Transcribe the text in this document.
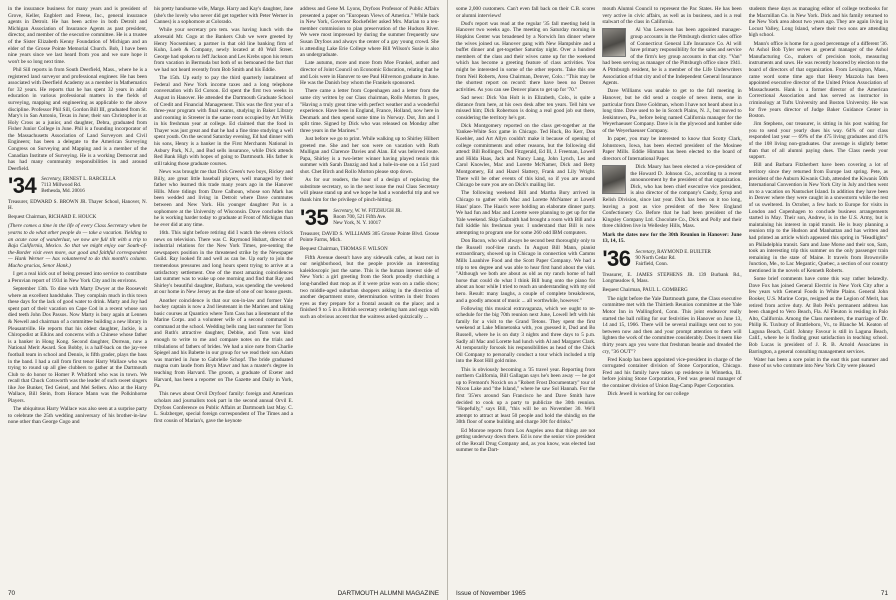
in the insurance business for many years and is president of Grove, Keller, Engblert and Freese, Inc., general insurance agents in Detroit. He has been active in both Detroit and Michigan Association of Insurance Agents as past president, director, and member of the executive committee. He is a trustee of the Sister Elizabeth Kenny Foundation of Michigan and an elder of the Grosse Pointe Memorial Church. Bob, I have been nine years since we last heard from you and we sure hope it won't be so long next time.

Phil Sill reports in from South Deerfield, Mass., where he is a registered land surveyor and professional engineer. He has been associated with Deerfield Academy as a member in Mathematics for 32 years. He reports that he has spent 32 years in adult education in various professional matters in the fields of surveying, mapping and engineering as applicable to the above discipline. Professor Phil Sill, Gordon Bill III, graduated from St. Mary's in San Antonio, Texas in June; their son Christopher is at Holy Cross as a junior, and daughter, Debra, graduated from Fisher Junior College in June. Phil is a founding incorporator of the Massachusetts Association of Land Surveyors and Civil Engineers; has been a delegate to the American Surveying Congress on Surveying and Mapping and is a member of the Canadian Institute of Surveying. He is a working Democrat and has had many community responsibilities in and around Deerfield.

'34 Secretary, ERNEST L. BARCELLA
7113 Millwood Rd.
Bethesda, Md. 20016
Treasurer, EDWARD S. BROWN JR. Thayer School, Hanover, N. H.
Bequest Chairman, RICHARD E. HOUCK

(There comes a time in the life of every Class Secretary when he yearns to do what other people do — take a vacation. Yielding to an acute case of wanderlust, we now are full tilt with a trip to Baja California, Mexico. So that we might enjoy our South-of-the-Border visit even more, our good and faithful correspondent — Hank Werner — has volunteered to do this month's column. Mucho gracias, Senor Hank.)

I get a real kick out of being pressed into service to contribute a Peruvian report of 1934 in New York City and its environs.

September 13th. To dine with Marty Dwyer at the Roosevelt where an excellent handshake. They complain much in this town these days for the lack of good water to drink. Marty and Joy had spent part of their vacation on Cape Cod in a recent whose son died teeth John Dos Passos. Now Marty is busy again at Lennen & Newell and chairman of a committee building a new library in Pleasantville. He reports that his oldest daughter, Jackie, is a Chiropodist at Elkins and concerns with a Chinese whose father is a banker in Hong Kong. Second daughter, Dorrean, now a National Merit Award. Son Bobby, is a half-back on the jay-vee football team in school and Dennis, is fifth grader, plays the bass in the band. I had a call from first tenor Harry Wallace who was trying to round up all glee clubbers to gather at the Dartmouth Club to do honor to Homer P. Whitford who was in town. We recall that Chuck Cotsworth was the leader of such sweet singers like Joe Bunker, Ted Geisel, and Mel Sellers. Also at the Harry Wallace, Bill Stein, from Horace Mann was the Polkinhorne Players.

The ubiquitous Harry Wallace was also seen at a surprise party to celebrate the 25th wedding anniversary of his brother-in-law none other than George Cogo and

his pretty handsome wife, Marge. Harry and Kay's daughter, Jane (she's the lovely who never did get together with Peter Werner in Cannes) is a sophomore at Colorado.

While your secretary pro tem. was having lunch with the aforesaid Mr. Cogo at the Bankers Club we were greeted by Henry Nocseminer, a partner in that old line banking firm of Kuhn, Loeb & Company, newly located at 40 Wall Street. George had spoken to Jeff Jackson and Les Krebs upon his return from vacation in Bermuda but both of us bemoaned the fact that we had not heard recently from Bob Smith and his Eddie.

The 15th. Up early to pay the third quarterly instalment of Federal and New York income taxes and a long telephone conversation with Ed Corson. Ed spent the first two weeks in August in Hanover. He attended the Dartmouth Graduate School of Credit and Financial Management. This was the first year of a three-year program with final exams, studying in Baker Library and rooming in Streeter in the same room occupied by Art Willis in his freshman year at college. Ed claimed that the food in Thayer was just great and that he had a fine time studying a well spent youth. On the second Saturday evening, Ed had dinner with his sons, Henry is a banker in the First Merchants National in Asbury Park, N.J., and Bud sells insurance, while Dick attends Red Bank High with hopes of going to Dartmouth. His father is still taking those graduate courses.

News was brought me that Dick Green's two boys, Rickey and Billy, are great little baseball players, well managed by their father who learned this trade many years ago in the Hanover Hills. More tidings from Dave Calhoun, whose son Mark has been wedded and living in Detroit where Dave commutes between and New York. His younger daughter Pat is a sophomore at the University of Wisconsin. Dave concludes that he is working harder today to graduate at Front of Michigan than he ever did at any time.

16th. This night before retiring did I watch the eleven o'clock news on television. There was C. Raymond Hubart, director of industrial relations for the New York Times, pre-senting the newspapers position in the threatened strike by the Newspaper Guild. Ray looked fit and well as can be. Up early to join the tremendous pressures and long hours spent trying to arrive at a satisfactory settlement. One of the most amazing coincidences last summer was to wake up one morning and find that Ray and Shirley's beautiful daughter, Barbara, was spending the weekend at our home in New Jersey as the date of one of our house guests.

Another coincidence is that our son-in-law and former Yale hockey captain is now a 2nd lieutenant in the Marines and taking basic courses at Quantico where Tom Cass has a lieutenant of the Marine Corps. and a volunteer wife of a second command in command at the school. Wedding bells rang last summer for Tom and Ruth's attractive daughter, Debbie, and Tom was kind enough to write to me and compare notes on the trials and tribulations of fathers of brides. We had a nice note from Charlie Spiegel and his Babette in our group for we read their son Adam was married in June to Gabrielle Schopf. The bride graduated magna cum laude from Bryn Mawr and has a master's degree in teaching from Harvard. The groom, a graduate of Exeter and Harvard, has been a reporter on The Gazette and Daily in York, Pa.

This news about Orvil Dryfoos' family: foreign and American scholars and journalists took part in the second annual Orvil E. Dryfoos Conference on Public Affairs at Dartmouth last May. C. L. Sulzberger, special foreign correspondent of The Times and a first cousin of Marian's, gave the keynote

address and Gene M. Lyons, Dryfoos Professor of Public Affairs presented a paper on "European Views of America." While back in New York, Governor Rockefeller asked Mrs. Marian to a ten-member commission to plan preservation of the Hudson River. We were most impressed by during the summer frequently saw Susan Dryfoos and always the center of a gay young crowd. She is attending Lake Erie College where Bill Wilson's Susie is also an undergraduate.

Late autumn, more and more from Moe Frankel, author and director of Joint Council on Economic Education, relating that he and Lois were in Hanover to see Paul Hilverson graduate in June. He was the Danish boy whom the Frankels sponsored.

There came a letter from Copenhagen and a letter from the same city written by our Class chairman, Rollo Morton. It goes, "Having a truly great time with perfect weather and a wonderful experience. Have been in England, France, Holland, now here in Denmark and then spend some time in Norway. Dot, Jim and I split time. Signed by Dick who was released on Monday after three years in the Marines."

Just before we go to print. While walking up to Shirley Hilbert greeted me. She and her son were on vacation with Ruth Mulligan and Clarence Davies and Alan. Ed was beloved route. Papa, Shirley is a two-letter winner having played tennis this summer with Sarah Danzig and had a hole-in-one on a 154 yard shot. Chet Birch and Rollo Morton please stop down.

As for our readers, the hour of a design of replacing the substitute secretary, so in the next issue the real Class Secretary will please stand up and we hope he had a wonderful trip and we thank him for the privilege of pinch-hitting.

'35 Secretary, W. W. FITZHUGH JR.
Room 700, 521 Fifth Ave.
New York, N. Y. 10017
Treasurer, DAVID S. WILLIAMS 305 Grosse Pointe Blvd. Grosse Pointe Farms, Mich.
Bequest Chairman, THOMAS F. WILSON

Fifth Avenue doesn't have any sidewalk cafes, at least not in our neighborhood, but the people provide an interesting kaleidoscopic just the same. This is the human interest side of New York: a girl greeting from the Stork proudly clutching a long-handled dust mop as if it were prize won on a radio show; two middle-aged suburban shoppers asking in the direction of another department store, determination written in their frozen eyes as they prepare for a frontal assault on the place; and a finished 9 to 5 in a British secretary ordering ham and eggs with such an obvious accent that the waitress asked quizzically ...

70	DARTMOUTH ALUMNI MAGAZINE

some 2,000 customers. Can't even fall back on their C.B. scores or alumni interviews!

Dud's report was read at the regular '35 fall meeting held in Hanover two weeks ago. The meeting on Saturday morning in Hopkins Center was broadened by a Norwich Inn dinner where the wives joined us. Hanover gang with New Hampshire and a buffet dinner and get-together Saturday night. Over a hundred members of the class and their wives came up for the weekend which has become a greeting feature of class activities. You might be interested in some of the other reports. Take this one from Neil Roberts, Area Chairman, Denver, Colo.: "This may be the shortest report on record: there have been no Denver activities. As you can see Denver plans to get up for '70."

Sad news: Dick Van Holt is in Elizabeth, Colo., is quite a distance from here, at his own desk after ten years. Tell him we missed him; Dick Robertson is doing a real good job out there, considering the territory he's got.

Dick Montgomery reported on the class get-together at the Yankee-White Sox game in Chicago. Ted Huck, Bo Kerr, Don Koehler, and Art Allyn couldn't make it because of opening of college commitments and other reasons, but the following did attend: Bill Bollinger, Dud Fitzgerald, Ed Ill, J. Freeman, Lowell and Hilda Haas, Jack and Nancy Lang, John Lynch, Les and Carol Knowles, Mac and Lorette McNamer, Dick and Betty Montgomery, Ed and Hazel Slattery, Frank and Lily Wright. There will be other events of this kind, so if you are around Chicago be sure you are on Dick's mailing list.

The following weekend Bill and Martha Bury arrived in Chicago to gather with Mac and Lorette McNamer at Lowell Haas' place. The Haas's were holding an elaborate dinner party. We had fun and Mac and Lorette were planning to get up for the Yale weekend. Skip Galbraith had brought a room with Bill and a full kiddie his freshman year. I understand that Bill is now attempting to program one for some 260 odd IBM computers.

Don Bacon, who will always be second best thoroughly only to the Russell roof-line ranch. In August Bill Mann, pianist extraordinary, showed up in Chicago in connection with Camms Mills Loanhive Food and the Scott Paper Company. We had a trip to ten degree and was able to hear first hand about the visit. "Although we both are about as old as my ranch home of half horse that could do what I think Bill hung onto the piano for about an hour while I tried to reach an understanding with my old hero. Result: many laughs, a couple of complete breakdowns, and a goodly amount of music ... all worthwhile, however."

Following this musical extravaganza, which we ought to re-schedule for the big 70th reunion next June, Lowell left with his family for a visit to the Grand Tetons. They spent the first weekend at Lake Minnetonka with, you guessed it, Dud and Bo Russell, where he is on duty 3 nights and three days to 5 p.m. Sadly all Mac and Lorette had lunch with Al and Margaret Clark. Al temporarily forsook his responsibilities as head of the Chick Oil Company to personally conduct a tour which included a trip into the Root Hill gold mine.

This is obviously becoming a '35 travel year. Reporting from northern California, Bill Gallagan says he's been away — he got up to Fremont's Noxich on a "Robert Frost Documentary" tour of Nixon Lake and "the Island," where he saw Sol Hannah. For the first '35'ers around San Francisco he and Dave Smith have decided to cook up a party to publicize the 30th reunion. "Hopefully," says Bill, "this will be on November 30. We'll attempt to attract at least 50 people and hold the shindig on the 30th floor of some building and charge 30¢ for drinks."

Ed Monroe reports from Los Angeles area that things are not getting underway down there. Ed is now the senior vice president of the Rexall Drug Company and, as you know, was elected last summer to the Dart-

mouth Alumni Council to represent the Pac States. He has been very active in civic affairs, as well as in business, and is a real stalwart of the class in California.

Al Van Leeuwen has been appointed manager-group accounts in the Pittsburgh district sales office of Connecticut General Life Insurance Co. Al will have primary responsibility for the sales and service of the firm's key group accounts in that city. "Van" had been serving as manager of the Pittsburgh office since 1941. A Pittsburgh resident, he is a member of the Life Underwriters Association of that city and of the Independent General Insurance Agents.

Dave Williams was unable to get to the fall meeting in Hanover, but he did send a couple of news items, one in particular from Dave Goldman, whom I have not heard about in a long time. Dave used to be in Scotch Plains, N. J., but moved to Jenkintown, Pa., before being named California manager for the Weyerhaeuser Company. Dave is in the plywood and lumber side of the Weyerhaeuser Company.

In paper, you may be interested to know that Scotty Clark, Johnstown, Iowa, has been elected president of the Mosinee Paper Mills. Eddie Hinman has been elected to the board of directors of International Paper.

Dick Maury has been elected a vice-president of the Howard D. Johnson Co., according to a recent announcement by the president of that organization. Dick, who has been chief executive vice president, is also director of the company's Candy, Syrup and Relish Division, since last year. Dick has been on it too long, leaving a post as vice president of the New England Confectionery Co. Before that he had been president of the Kingsley Company Ltd. Chocolate Co., Dick and Polly and their three children live in Wellesley Hills, Mass.

Mark the dates now for the 30th Reunion in Hanover: June 13, 14, 15.

'36 Secretary, RAYMOND E. BUILTER
90 North Cedar Rd.
Fairfield, Conn.
Treasurer, E. JAMES STEPHENS JR. 139 Burbank Rd., Longmeadow 6, Mass.
Bequest Chairman, PAUL L. GOMBERG

The night before the Yale Dartmouth game, the Class executive committee met with the Thirtieth Reunion committee at the Yale Motor Inn in Wallingford, Conn. This joint endeavor really started the ball rolling for our festivities in Hanover on June 13, 14 and 15, 1966. There will be several mailings sent out to you between now and then and your prompt attention to them will lighten the work of the committee considerably. Does it seem like thirty years ago you wore that freshman beanie and dreaded the cry, "36 OUT"?

Fred Knolp has been appointed vice-president in charge of the corrugated container division of Stone Corporation, Chicago. Fred and his family have taken up residence in Winnetka, Ill. before joining Stone Corporation, Fred was general manager of the container division of Union Bag-Camp Paper Corporation.

Dick Jewell is working for our college

students these days as managing editor of college textbooks for the Macmillan Co. in New York. Dick and his family returned to the New York area about two years ago. They are again living in Locust Valley, Long Island, where their two sons are attending high school.

Mann's office is home for a good percentage of a different '36. At Ashol Bob Tyler serves as general manager of the Ashol Manufacturing Co., makers of precision tools, measuring instruments and saws. He was recently honored by election to the board of directors of that organization. From Lexington, Mass., came word some time ago that Henry Mazzola has been appointed executive director of the United Prison Association of Massachusetts. Hank is a former director of the American Correctional Association and has served as instructor in criminology at Tufts University and Boston University. He was for five years director of Judge Baker Guidance Center in Boston.

Jim Stephens, our treasurer, is sitting in his post waiting for you to send your yearly dues his way. 64% of our class responded last year — 69% of the 475 living graduates and 41% of the 108 living non-graduates. Our average is slightly better than that of all alumni paying dues. The Class needs your support.

Bill and Barbara Fitzherbert have been covering a lot of territory since they returned from Europe last spring. Pete, as president of the Auburn Kiwanis Club, attended the Kiwanis 50th International Convention in New York City in July and then went on to a vacation on Nantucket Island. In addition they have been in Denver where they were caught in a snowstorm while the rest of us sweltered. In October, a few back to Europe for visits in London and Copenhagen to conclude business arrangements started in May. Their son, Andrew, is in the U.S. Army, but is maintaining his interest in rapid transit. He is busy planning a reunion trip to the Hudson and Manhattan and has written and had printed an article which appeared this spring in "Headlights" on Philadelphia transit. Sam and Jane Morse and their son, Sam, took an interesting trip this summer on the only passenger train remaining in the state of Maine. It travels from Brownville Junction, Me., to Lac Megantic, Quebec, a section of our country mentioned in the novels of Kenneth Roberts.

Some brief comments have come this way rather belatedly. Dave Fox has joined General Electric in New York City after a few years with General Foods in White Plains. General John Booker, U.S. Marine Corps, resigned as the Legion of Merit, has retired from active duty. At Bob Pek's permanent address has been changed to Vero Beach, Fla. Al Fleuton is residing in Palo Alto, California. Among the Class members, the marriage of Dr. Philip K. Tuxbury of Brattleboro, Vt., to Blanche M. Keaton of Laguna Beach, Calif. Johnny Favour is still in Laguna Beach, Calif., where he is finding great satisfaction in teaching school. Bob Lucas is president of J. R. B. Arnold Associates in Barrington, a general consulting management services.

Water has been a sore point in the east this past summer and those of us who commute into New York City were pleased

Issue of November 1965	71
